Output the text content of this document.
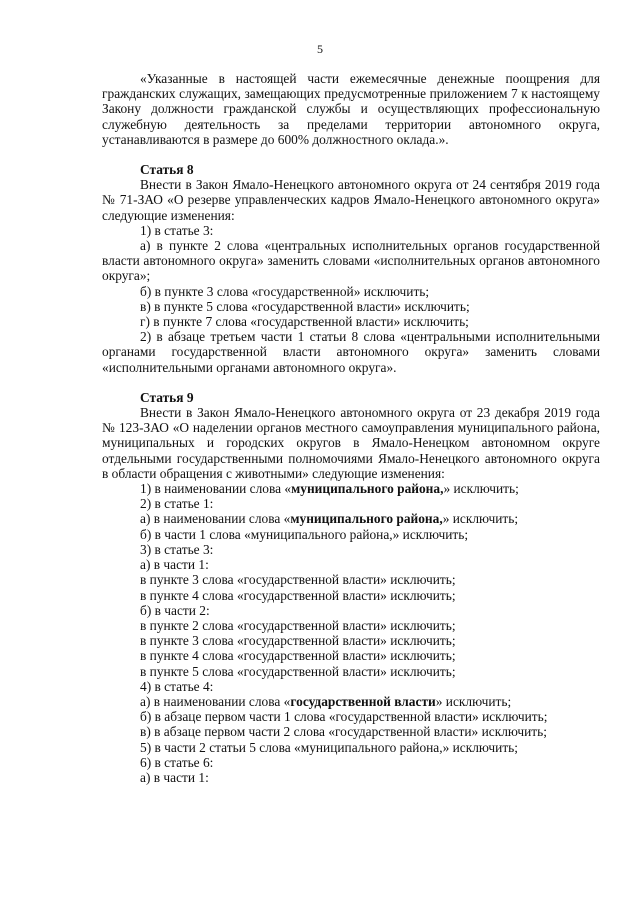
5

«Указанные в настоящей части ежемесячные денежные поощрения для гражданских служащих, замещающих предусмотренные приложением 7 к настоящему Закону должности гражданской службы и осуществляющих профессиональную служебную деятельность за пределами территории автономного округа, устанавливаются в размере до 600% должностного оклада.».

Статья 8

Внести в Закон Ямало-Ненецкого автономного округа от 24 сентября 2019 года № 71-ЗАО «О резерве управленческих кадров Ямало-Ненецкого автономного округа» следующие изменения:

1) в статье 3:

а) в пункте 2 слова «центральных исполнительных органов государственной власти автономного округа» заменить словами «исполнительных органов автономного округа»;

б) в пункте 3 слова «государственной» исключить;

в) в пункте 5 слова «государственной власти» исключить;

г) в пункте 7 слова «государственной власти» исключить;

2) в абзаце третьем части 1 статьи 8 слова «центральными исполнительными органами государственной власти автономного округа» заменить словами «исполнительными органами автономного округа».

Статья 9

Внести в Закон Ямало-Ненецкого автономного округа от 23 декабря 2019 года № 123-ЗАО «О наделении органов местного самоуправления муниципального района, муниципальных и городских округов в Ямало-Ненецком автономном округе отдельными государственными полномочиями Ямало-Ненецкого автономного округа в области обращения с животными» следующие изменения:

1) в наименовании слова «муниципального района,» исключить;

2) в статье 1:

а) в наименовании слова «муниципального района,» исключить;

б) в части 1 слова «муниципального района,» исключить;

3) в статье 3:

а) в части 1:

в пункте 3 слова «государственной власти» исключить;

в пункте 4 слова «государственной власти» исключить;

б) в части 2:

в пункте 2 слова «государственной власти» исключить;

в пункте 3 слова «государственной власти» исключить;

в пункте 4 слова «государственной власти» исключить;

в пункте 5 слова «государственной власти» исключить;

4) в статье 4:

а) в наименовании слова «государственной власти» исключить;

б) в абзаце первом части 1 слова «государственной власти» исключить;

в) в абзаце первом части 2 слова «государственной власти» исключить;

5) в части 2 статьи 5 слова «муниципального района,» исключить;

6) в статье 6:

а) в части 1:
